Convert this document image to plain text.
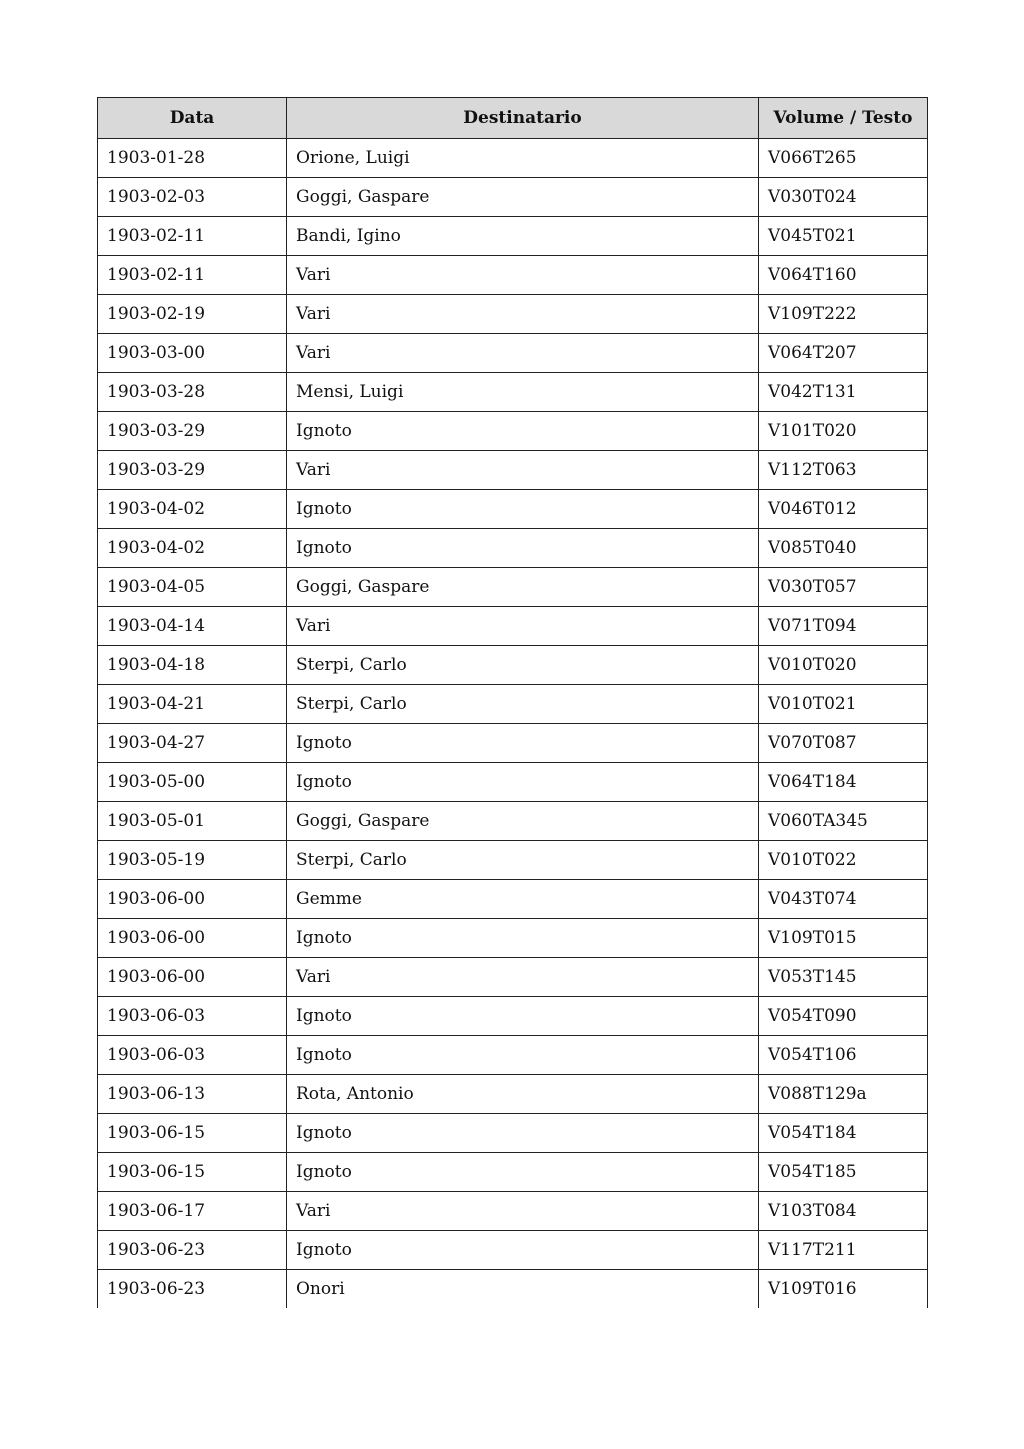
Data	Destinatario	Volume / Testo
1903-01-28	Orione, Luigi	V066T265
1903-02-03	Goggi, Gaspare	V030T024
1903-02-11	Bandi, Igino	V045T021
1903-02-11	Vari	V064T160
1903-02-19	Vari	V109T222
1903-03-00	Vari	V064T207
1903-03-28	Mensi, Luigi	V042T131
1903-03-29	Ignoto	V101T020
1903-03-29	Vari	V112T063
1903-04-02	Ignoto	V046T012
1903-04-02	Ignoto	V085T040
1903-04-05	Goggi, Gaspare	V030T057
1903-04-14	Vari	V071T094
1903-04-18	Sterpi, Carlo	V010T020
1903-04-21	Sterpi, Carlo	V010T021
1903-04-27	Ignoto	V070T087
1903-05-00	Ignoto	V064T184
1903-05-01	Goggi, Gaspare	V060TA345
1903-05-19	Sterpi, Carlo	V010T022
1903-06-00	Gemme	V043T074
1903-06-00	Ignoto	V109T015
1903-06-00	Vari	V053T145
1903-06-03	Ignoto	V054T090
1903-06-03	Ignoto	V054T106
1903-06-13	Rota, Antonio	V088T129a
1903-06-15	Ignoto	V054T184
1903-06-15	Ignoto	V054T185
1903-06-17	Vari	V103T084
1903-06-23	Ignoto	V117T211
1903-06-23	Onori	V109T016
